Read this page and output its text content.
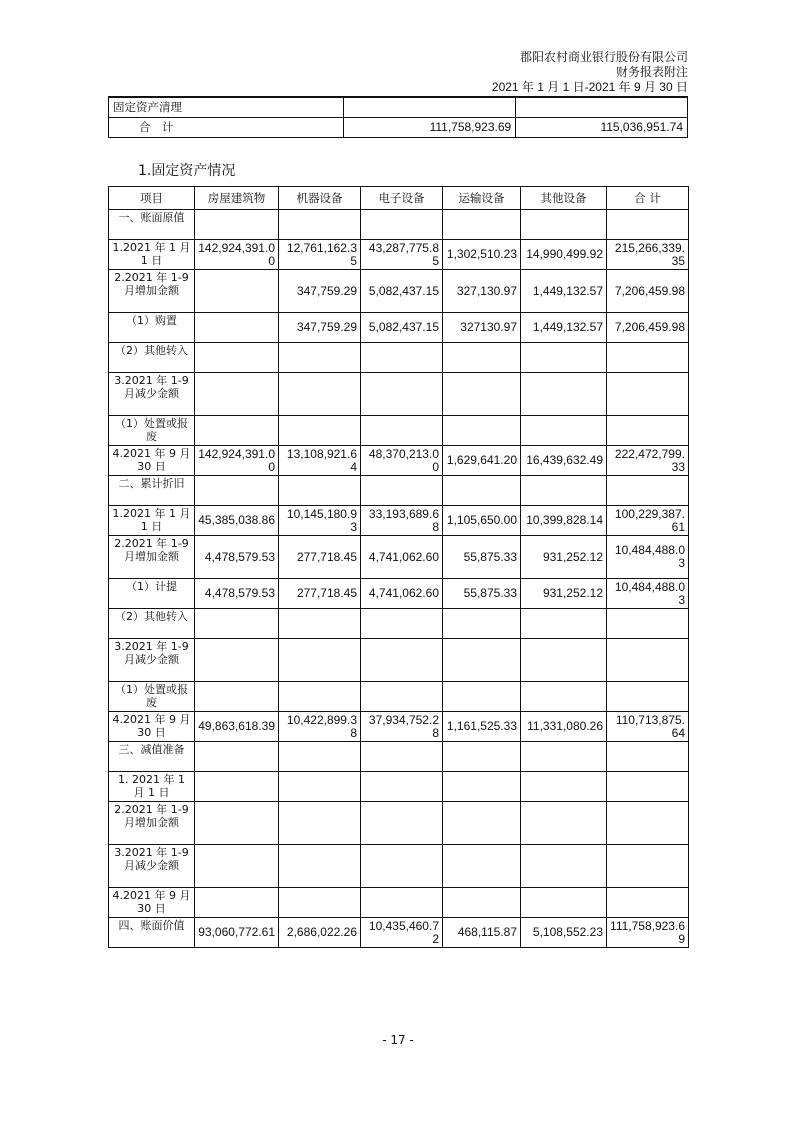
郡阳农村商业银行股份有限公司
财务报表附注
2021 年 1 月 1 日-2021 年 9 月 30 日
固定资产清理		
合　计	111,758,923.69	115,036,951.74
1.固定资产情况
项目	房屋建筑物	机器设备	电子设备	运输设备	其他设备	合 计
一、账面原值						
1.2021 年 1 月 1 日	142,924,391.00	12,761,162.35	43,287,775.85	1,302,510.23	14,990,499.92	215,266,339.35
2.2021 年 1-9 月增加金额		347,759.29	5,082,437.15	327,130.97	1,449,132.57	7,206,459.98
（1）购置		347,759.29	5,082,437.15	327130.97	1,449,132.57	7,206,459.98
（2）其他转入						
3.2021 年 1-9 月减少金额						
（1）处置或报废						
4.2021 年 9 月 30 日	142,924,391.00	13,108,921.64	48,370,213.00	1,629,641.20	16,439,632.49	222,472,799.33
二、累计折旧						
1.2021 年 1 月 1 日	45,385,038.86	10,145,180.93	33,193,689.68	1,105,650.00	10,399,828.14	100,229,387.61
2.2021 年 1-9 月增加金额	4,478,579.53	277,718.45	4,741,062.60	55,875.33	931,252.12	10,484,488.03
（1）计提	4,478,579.53	277,718.45	4,741,062.60	55,875.33	931,252.12	10,484,488.03
（2）其他转入						
3.2021 年 1-9 月减少金额						
（1）处置或报废						
4.2021 年 9 月 30 日	49,863,618.39	10,422,899.38	37,934,752.28	1,161,525.33	11,331,080.26	110,713,875.64
三、减值准备						
1. 2021 年 1 月 1 日						
2.2021 年 1-9 月增加金额						
3.2021 年 1-9 月减少金额						
4.2021 年 9 月 30 日						
四、账面价值	93,060,772.61	2,686,022.26	10,435,460.72	468,115.87	5,108,552.23	111,758,923.69
- 17 -
